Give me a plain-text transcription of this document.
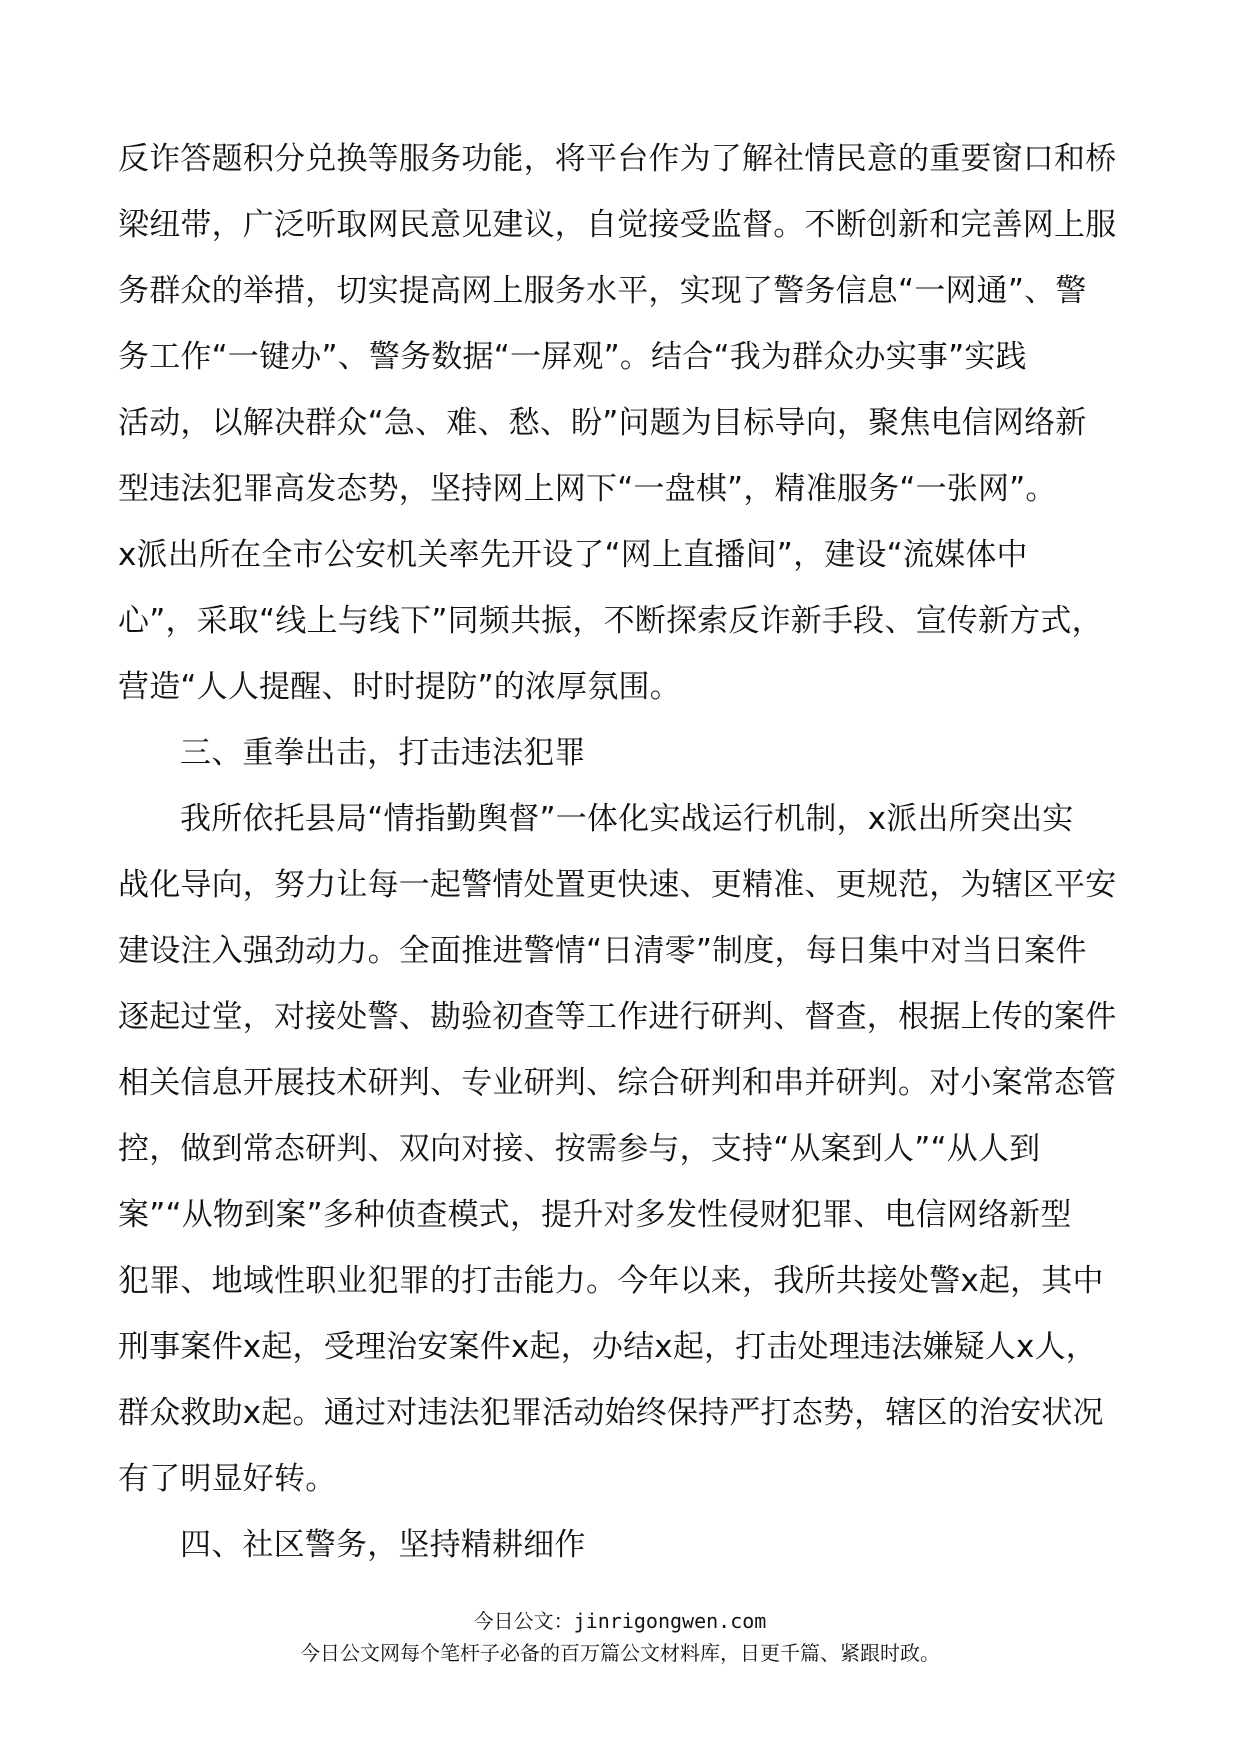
反诈答题积分兑换等服务功能，将平台作为了解社情民意的重要窗口和桥
梁纽带，广泛听取网民意见建议，自觉接受监督。不断创新和完善网上服
务群众的举措，切实提高网上服务水平，实现了警务信息“一网通”、警
务工作“一键办”、警务数据“一屏观”。结合“我为群众办实事”实践
活动，以解决群众“急、难、愁、盼”问题为目标导向，聚焦电信网络新
型违法犯罪高发态势，坚持网上网下“一盘棋”，精准服务“一张网”。
x派出所在全市公安机关率先开设了“网上直播间”，建设“流媒体中
心”，采取“线上与线下”同频共振，不断探索反诈新手段、宣传新方式，
营造“人人提醒、时时提防”的浓厚氛围。
三、重拳出击，打击违法犯罪
我所依托县局“情指勤舆督”一体化实战运行机制，x派出所突出实
战化导向，努力让每一起警情处置更快速、更精准、更规范，为辖区平安
建设注入强劲动力。全面推进警情“日清零”制度，每日集中对当日案件
逐起过堂，对接处警、勘验初查等工作进行研判、督查，根据上传的案件
相关信息开展技术研判、专业研判、综合研判和串并研判。对小案常态管
控，做到常态研判、双向对接、按需参与，支持“从案到人”“从人到
案”“从物到案”多种侦查模式，提升对多发性侵财犯罪、电信网络新型
犯罪、地域性职业犯罪的打击能力。今年以来，我所共接处警x起，其中
刑事案件x起，受理治安案件x起，办结x起，打击处理违法嫌疑人x人，
群众救助x起。通过对违法犯罪活动始终保持严打态势，辖区的治安状况
有了明显好转。
四、社区警务，坚持精耕细作
今日公文：jinrigongwen.com
今日公文网每个笔杆子必备的百万篇公文材料库，日更千篇、紧跟时政。
